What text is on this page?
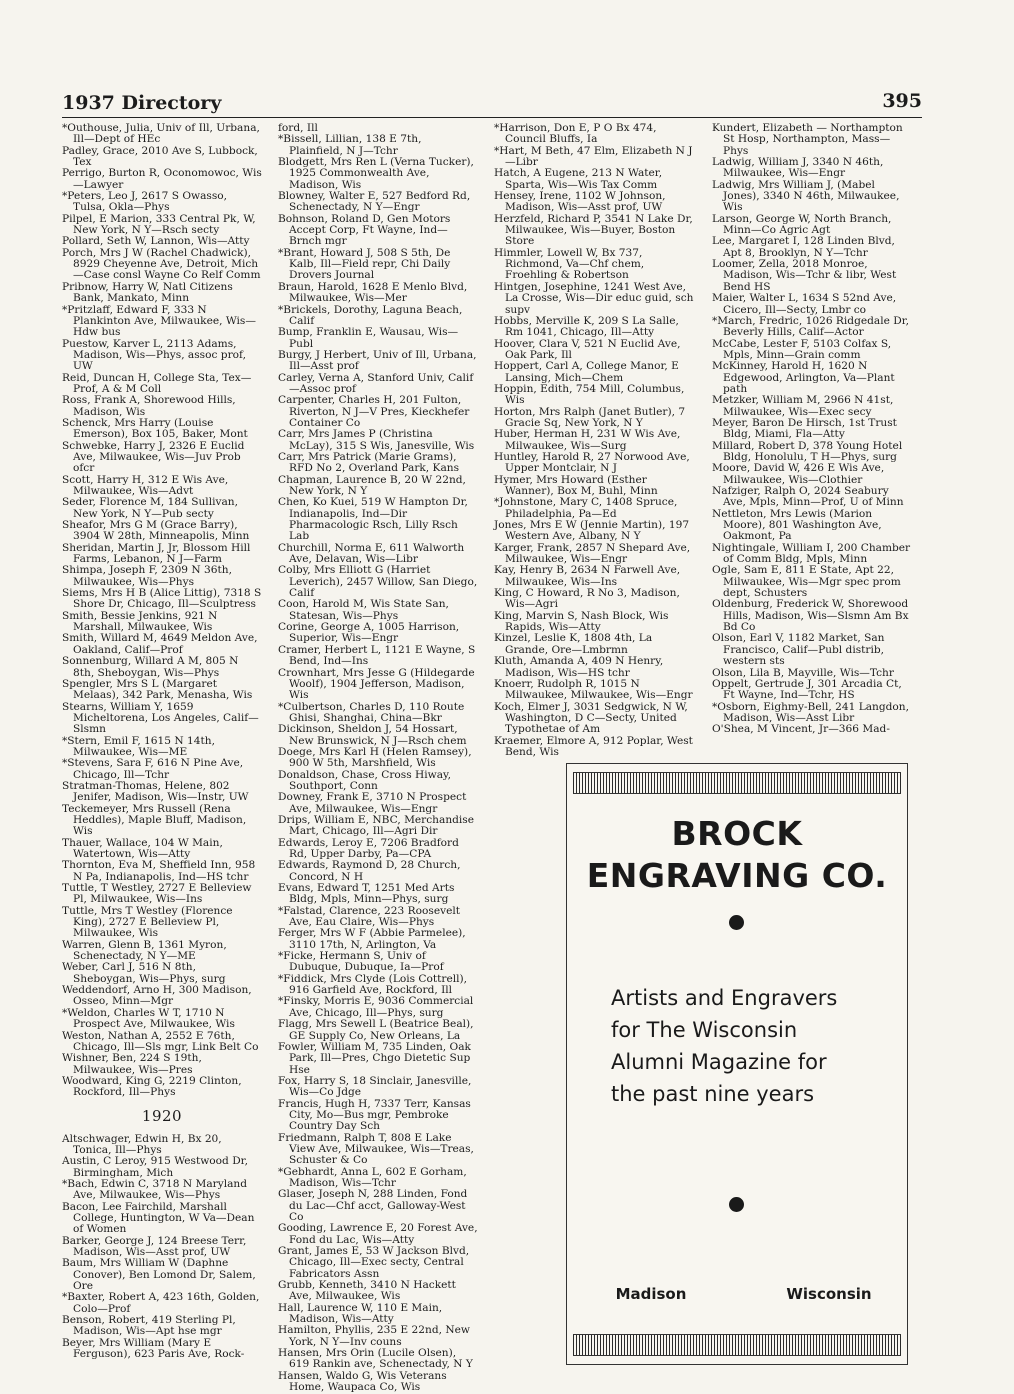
1937 Directory	395

*Outhouse, Julia, Univ of Ill, Urbana, Ill—Dept of HEc

Padley, Grace, 2010 Ave S, Lubbock, Tex

Perrigo, Burton R, Oconomowoc, Wis—Lawyer

*Peters, Leo J, 2617 S Owasso, Tulsa, Okla—Phys

Pilpel, E Marion, 333 Central Pk, W, New York, N Y—Rsch secty

Pollard, Seth W, Lannon, Wis—Atty

Porch, Mrs J W (Rachel Chadwick), 8929 Cheyenne Ave, Detroit, Mich—Case consl Wayne Co Relf Comm

Pribnow, Harry W, Natl Citizens Bank, Mankato, Minn

*Pritzlaff, Edward F, 333 N Plankinton Ave, Milwaukee, Wis—Hdw bus

Puestow, Karver L, 2113 Adams, Madison, Wis—Phys, assoc prof, UW

Reid, Duncan H, College Sta, Tex—Prof, A & M Coll

Ross, Frank A, Shorewood Hills, Madison, Wis

Schenck, Mrs Harry (Louise Emerson), Box 105, Baker, Mont

Schwebke, Harry J, 2326 E Euclid Ave, Milwaukee, Wis—Juv Prob ofcr

Scott, Harry H, 312 E Wis Ave, Milwaukee, Wis—Advt

Seder, Florence M, 184 Sullivan, New York, N Y—Pub secty

Sheafor, Mrs G M (Grace Barry), 3904 W 28th, Minneapolis, Minn

Sheridan, Martin J, Jr, Blossom Hill Farms, Lebanon, N J—Farm

Shimpa, Joseph F, 2309 N 36th, Milwaukee, Wis—Phys

Siems, Mrs H B (Alice Littig), 7318 S Shore Dr, Chicago, Ill—Sculptress

Smith, Bessie Jenkins, 921 N Marshall, Milwaukee, Wis

Smith, Willard M, 4649 Meldon Ave, Oakland, Calif—Prof

Sonnenburg, Willard A M, 805 N 8th, Sheboygan, Wis—Phys

Spengler, Mrs S L (Margaret Melaas), 342 Park, Menasha, Wis

Stearns, William Y, 1659 Micheltorena, Los Angeles, Calif—Slsmn

*Stern, Emil F, 1615 N 14th, Milwaukee, Wis—ME

*Stevens, Sara F, 616 N Pine Ave, Chicago, Ill—Tchr

Stratman-Thomas, Helene, 802 Jenifer, Madison, Wis—Instr, UW

Teckemeyer, Mrs Russell (Rena Heddles), Maple Bluff, Madison, Wis

Thauer, Wallace, 104 W Main, Watertown, Wis—Atty

Thornton, Eva M, Sheffield Inn, 958 N Pa, Indianapolis, Ind—HS tchr

Tuttle, T Westley, 2727 E Belleview Pl, Milwaukee, Wis—Ins

Tuttle, Mrs T Westley (Florence King), 2727 E Belleview Pl, Milwaukee, Wis

Warren, Glenn B, 1361 Myron, Schenectady, N Y—ME

Weber, Carl J, 516 N 8th, Sheboygan, Wis—Phys, surg

Weddendorf, Arno H, 300 Madison, Osseo, Minn—Mgr

*Weldon, Charles W T, 1710 N Prospect Ave, Milwaukee, Wis

Weston, Nathan A, 2552 E 76th, Chicago, Ill—Sls mgr, Link Belt Co

Wishner, Ben, 224 S 19th, Milwaukee, Wis—Pres

Woodward, King G, 2219 Clinton, Rockford, Ill—Phys

1920

Altschwager, Edwin H, Bx 20, Tonica, Ill—Phys

Austin, C Leroy, 915 Westwood Dr, Birmingham, Mich

*Bach, Edwin C, 3718 N Maryland Ave, Milwaukee, Wis—Phys

Bacon, Lee Fairchild, Marshall College, Huntington, W Va—Dean of Women

Barker, George J, 124 Breese Terr, Madison, Wis—Asst prof, UW

Baum, Mrs William W (Daphne Conover), Ben Lomond Dr, Salem, Ore

*Baxter, Robert A, 423 16th, Golden, Colo—Prof

Benson, Robert, 419 Sterling Pl, Madison, Wis—Apt hse mgr

Beyer, Mrs William (Mary E Ferguson), 623 Paris Ave, Rock-

ford, Ill

*Bissell, Lillian, 138 E 7th, Plainfield, N J—Tchr

Blodgett, Mrs Ren L (Verna Tucker), 1925 Commonwealth Ave, Madison, Wis

Blowney, Walter E, 527 Bedford Rd, Schenectady, N Y—Engr

Bohnson, Roland D, Gen Motors Accept Corp, Ft Wayne, Ind—Brnch mgr

*Brant, Howard J, 508 S 5th, De Kalb, Ill—Field repr, Chi Daily Drovers Journal

Braun, Harold, 1628 E Menlo Blvd, Milwaukee, Wis—Mer

*Brickels, Dorothy, Laguna Beach, Calif

Bump, Franklin E, Wausau, Wis—Publ

Burgy, J Herbert, Univ of Ill, Urbana, Ill—Asst prof

Carley, Verna A, Stanford Univ, Calif—Assoc prof

Carpenter, Charles H, 201 Fulton, Riverton, N J—V Pres, Kieckhefer Container Co

Carr, Mrs James P (Christina McLay), 315 S Wis, Janesville, Wis

Carr, Mrs Patrick (Marie Grams), RFD No 2, Overland Park, Kans

Chapman, Laurence B, 20 W 22nd, New York, N Y

Chen, Ko Kuei, 519 W Hampton Dr, Indianapolis, Ind—Dir Pharmacologic Rsch, Lilly Rsch Lab

Churchill, Norma E, 611 Walworth Ave, Delavan, Wis—Libr

Colby, Mrs Elliott G (Harriet Leverich), 2457 Willow, San Diego, Calif

Coon, Harold M, Wis State San, Statesan, Wis—Phys

Corine, George A, 1005 Harrison, Superior, Wis—Engr

Cramer, Herbert L, 1121 E Wayne, S Bend, Ind—Ins

Crownhart, Mrs Jesse G (Hildegarde Woolf), 1904 Jefferson, Madison, Wis

*Culbertson, Charles D, 110 Route Ghisi, Shanghai, China—Bkr

Dickinson, Sheldon J, 54 Hossart, New Brunswick, N J—Rsch chem

Doege, Mrs Karl H (Helen Ramsey), 900 W 5th, Marshfield, Wis

Donaldson, Chase, Cross Hiway, Southport, Conn

Downey, Frank E, 3710 N Prospect Ave, Milwaukee, Wis—Engr

Drips, William E, NBC, Merchandise Mart, Chicago, Ill—Agri Dir

Edwards, Leroy E, 7206 Bradford Rd, Upper Darby, Pa—CPA

Edwards, Raymond D, 28 Church, Concord, N H

Evans, Edward T, 1251 Med Arts Bldg, Mpls, Minn—Phys, surg

*Falstad, Clarence, 223 Roosevelt Ave, Eau Claire, Wis—Phys

Ferger, Mrs W F (Abbie Parmelee), 3110 17th, N, Arlington, Va

*Ficke, Hermann S, Univ of Dubuque, Dubuque, Ia—Prof

*Fiddick, Mrs Clyde (Lois Cottrell), 916 Garfield Ave, Rockford, Ill

*Finsky, Morris E, 9036 Commercial Ave, Chicago, Ill—Phys, surg

Flagg, Mrs Sewell L (Beatrice Beal), GE Supply Co, New Orleans, La

Fowler, William M, 735 Linden, Oak Park, Ill—Pres, Chgo Dietetic Sup Hse

Fox, Harry S, 18 Sinclair, Janesville, Wis—Co Jdge

Francis, Hugh H, 7337 Terr, Kansas City, Mo—Bus mgr, Pembroke Country Day Sch

Friedmann, Ralph T, 808 E Lake View Ave, Milwaukee, Wis—Treas, Schuster & Co

*Gebhardt, Anna L, 602 E Gorham, Madison, Wis—Tchr

Glaser, Joseph N, 288 Linden, Fond du Lac—Chf acct, Galloway-West Co

Gooding, Lawrence E, 20 Forest Ave, Fond du Lac, Wis—Atty

Grant, James E, 53 W Jackson Blvd, Chicago, Ill—Exec secty, Central Fabricators Assn

Grubb, Kenneth, 3410 N Hackett Ave, Milwaukee, Wis

Hall, Laurence W, 110 E Main, Madison, Wis—Atty

Hamilton, Phyllis, 235 E 22nd, New York, N Y—Inv couns

Hansen, Mrs Orin (Lucile Olsen), 619 Rankin ave, Schenectady, N Y

Hansen, Waldo G, Wis Veterans Home, Waupaca Co, Wis

*Harrison, Don E, P O Bx 474, Council Bluffs, Ia

*Hart, M Beth, 47 Elm, Elizabeth N J—Libr

Hatch, A Eugene, 213 N Water, Sparta, Wis—Wis Tax Comm

Hensey, Irene, 1102 W Johnson, Madison, Wis—Asst prof, UW

Herzfeld, Richard P, 3541 N Lake Dr, Milwaukee, Wis—Buyer, Boston Store

Himmler, Lowell W, Bx 737, Richmond, Va—Chf chem, Froehling & Robertson

Hintgen, Josephine, 1241 West Ave, La Crosse, Wis—Dir educ guid, sch supv

Hobbs, Merville K, 209 S La Salle, Rm 1041, Chicago, Ill—Atty

Hoover, Clara V, 521 N Euclid Ave, Oak Park, Ill

Hoppert, Carl A, College Manor, E Lansing, Mich—Chem

Hoppin, Edith, 754 Mill, Columbus, Wis

Horton, Mrs Ralph (Janet Butler), 7 Gracie Sq, New York, N Y

Huber, Herman H, 231 W Wis Ave, Milwaukee, Wis—Surg

Huntley, Harold R, 27 Norwood Ave, Upper Montclair, N J

Hymer, Mrs Howard (Esther Wanner), Box M, Buhl, Minn

*Johnstone, Mary C, 1408 Spruce, Philadelphia, Pa—Ed

Jones, Mrs E W (Jennie Martin), 197 Western Ave, Albany, N Y

Karger, Frank, 2857 N Shepard Ave, Milwaukee, Wis—Engr

Kay, Henry B, 2634 N Farwell Ave, Milwaukee, Wis—Ins

King, C Howard, R No 3, Madison, Wis—Agri

King, Marvin S, Nash Block, Wis Rapids, Wis—Atty

Kinzel, Leslie K, 1808 4th, La Grande, Ore—Lmbrmn

Kluth, Amanda A, 409 N Henry, Madison, Wis—HS tchr

Knoerr, Rudolph R, 1015 N Milwaukee, Milwaukee, Wis—Engr

Koch, Elmer J, 3031 Sedgwick, N W, Washington, D C—Secty, United Typothetae of Am

Kraemer, Elmore A, 912 Poplar, West Bend, Wis

Kundert, Elizabeth — Northampton St Hosp, Northampton, Mass—Phys

Ladwig, William J, 3340 N 46th, Milwaukee, Wis—Engr

Ladwig, Mrs William J, (Mabel Jones), 3340 N 46th, Milwaukee, Wis

Larson, George W, North Branch, Minn—Co Agric Agt

Lee, Margaret I, 128 Linden Blvd, Apt 8, Brooklyn, N Y—Tchr

Loomer, Zella, 2018 Monroe, Madison, Wis—Tchr & libr, West Bend HS

Maier, Walter L, 1634 S 52nd Ave, Cicero, Ill—Secty, Lmbr co

*March, Fredric, 1026 Ridgedale Dr, Beverly Hills, Calif—Actor

McCabe, Lester F, 5103 Colfax S, Mpls, Minn—Grain comm

McKinney, Harold H, 1620 N Edgewood, Arlington, Va—Plant path

Metzker, William M, 2966 N 41st, Milwaukee, Wis—Exec secy

Meyer, Baron De Hirsch, 1st Trust Bldg, Miami, Fla—Atty

Millard, Robert D, 378 Young Hotel Bldg, Honolulu, T H—Phys, surg

Moore, David W, 426 E Wis Ave, Milwaukee, Wis—Clothier

Nafziger, Ralph O, 2024 Seabury Ave, Mpls, Minn—Prof, U of Minn

Nettleton, Mrs Lewis (Marion Moore), 801 Washington Ave, Oakmont, Pa

Nightingale, William I, 200 Chamber of Comm Bldg, Mpls, Minn

Ogle, Sam E, 811 E State, Apt 22, Milwaukee, Wis—Mgr spec prom dept, Schusters

Oldenburg, Frederick W, Shorewood Hills, Madison, Wis—Slsmn Am Bx Bd Co

Olson, Earl V, 1182 Market, San Francisco, Calif—Publ distrib, western sts

Olson, Lila B, Mayville, Wis—Tchr

Oppelt, Gertrude J, 301 Arcadia Ct, Ft Wayne, Ind—Tchr, HS

*Osborn, Eighmy-Bell, 241 Langdon, Madison, Wis—Asst Libr

O'Shea, M Vincent, Jr—366 Mad-

BROCK
ENGRAVING CO.
Artists and Engravers
for The Wisconsin
Alumni Magazine for
the past nine years
Madison	Wisconsin
